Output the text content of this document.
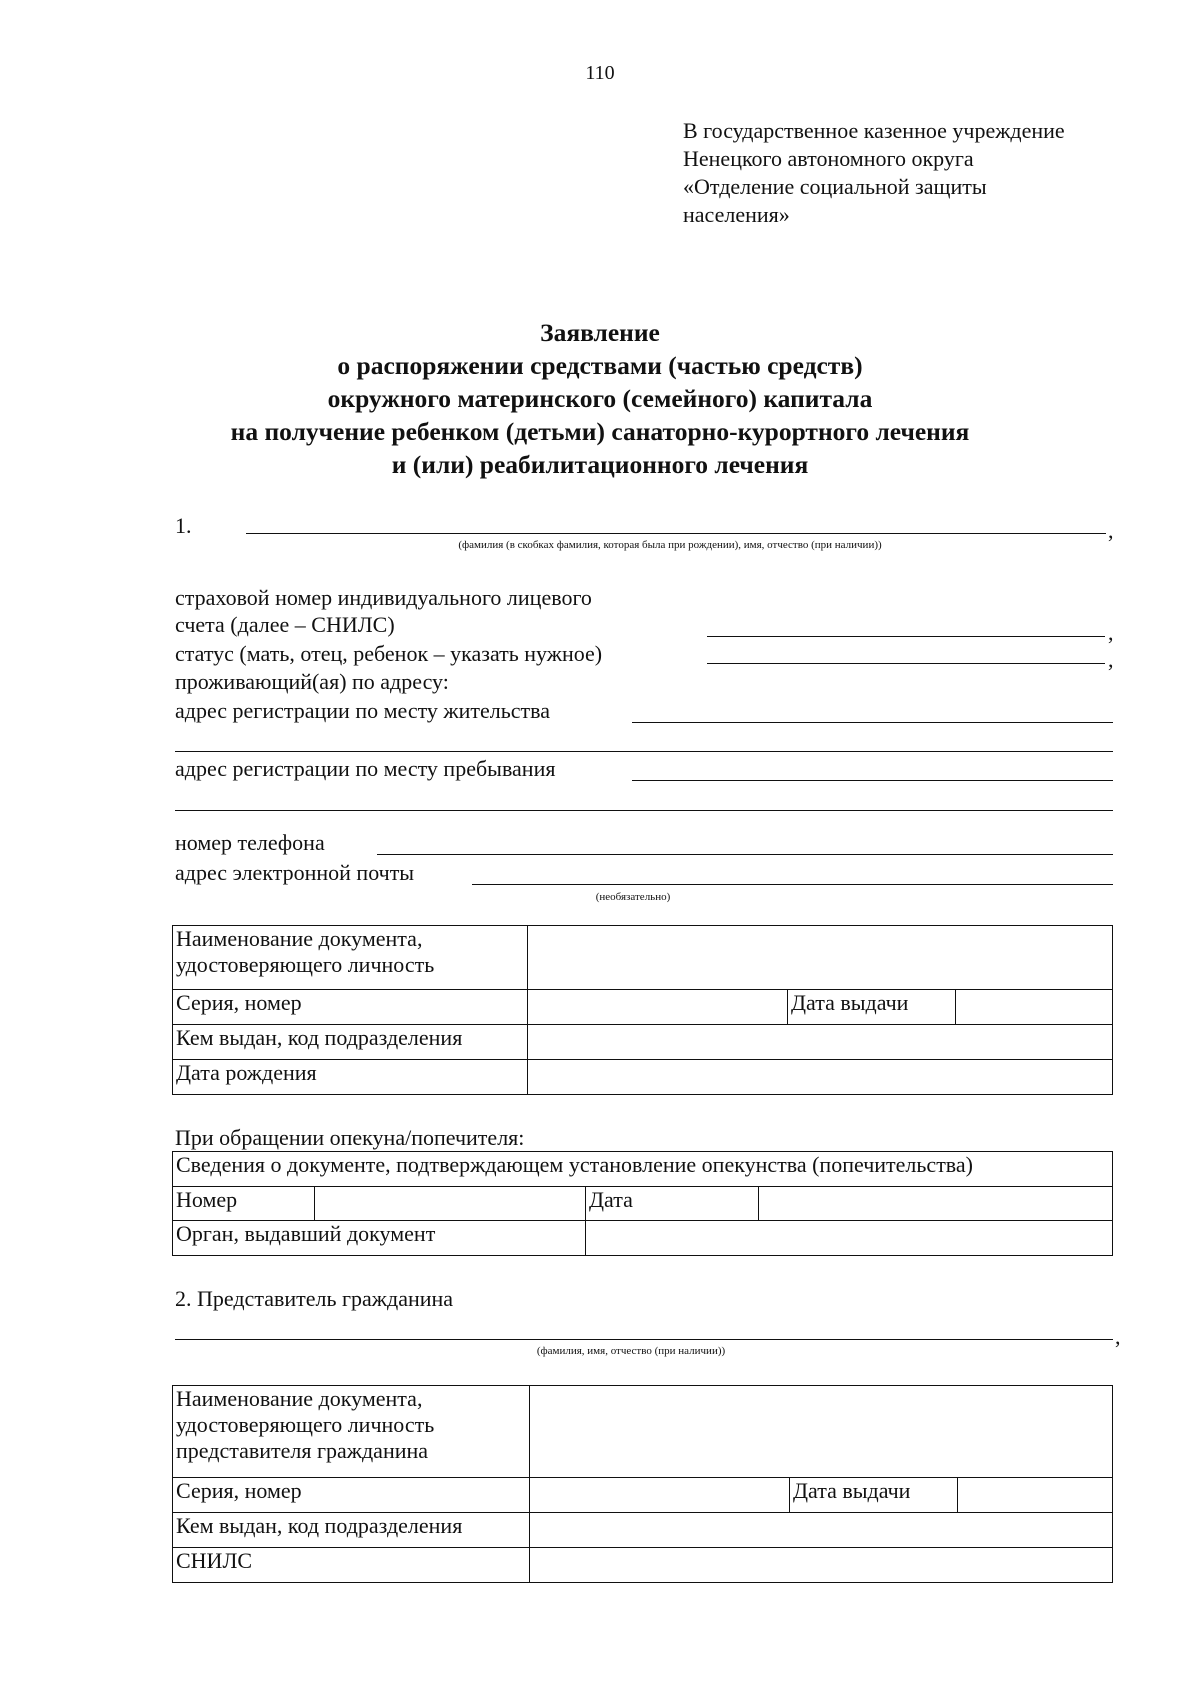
110
В государственное казенное учреждение
Ненецкого автономного округа
«Отделение социальной защиты
населения»
Заявление
о распоряжении средствами (частью средств)
окружного материнского (семейного) капитала
на получение ребенком (детьми) санаторно-курортного лечения
и (или) реабилитационного лечения
1.	,
(фамилия (в скобках фамилия, которая была при рождении), имя, отчество (при наличии))
страховой номер индивидуального лицевого
счета (далее – СНИЛС)	,
статус (мать, отец, ребенок – указать нужное)	,
проживающий(ая) по адресу:
адрес регистрации по месту жительства
адрес регистрации по месту пребывания
номер телефона
адрес электронной почты
(необязательно)
Наименование документа,
удостоверяющего личность			

Серия, номер		Дата выдачи	
Кем выдан, код подразделения			
Дата рождения			
При обращении опекуна/попечителя:
Сведения о документе, подтверждающем установление опекунства (попечительства)			
Номер		Дата	
Орган, выдавший документ			
2. Представитель гражданина
,
(фамилия, имя, отчество (при наличии))
Наименование документа,
удостоверяющего личность
представителя гражданина			

Серия, номер		Дата выдачи	
Кем выдан, код подразделения			
СНИЛС			
